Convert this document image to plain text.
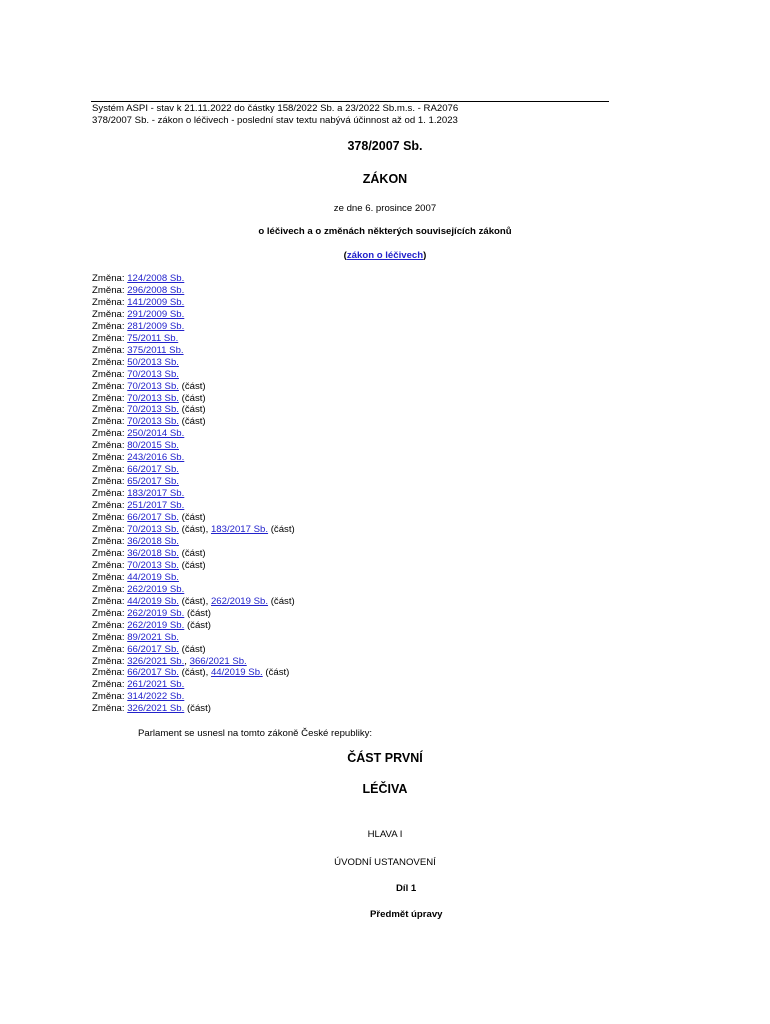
Systém ASPI - stav k 21.11.2022 do částky 158/2022 Sb. a 23/2022 Sb.m.s. - RA2076
378/2007 Sb. - zákon o léčivech - poslední stav textu nabývá účinnost až od 1. 1.2023
378/2007 Sb.
ZÁKON
ze dne 6. prosince 2007
o léčivech a o změnách některých souvisejících zákonů
(zákon o léčivech)
Změna: 124/2008 Sb.
Změna: 296/2008 Sb.
Změna: 141/2009 Sb.
Změna: 291/2009 Sb.
Změna: 281/2009 Sb.
Změna: 75/2011 Sb.
Změna: 375/2011 Sb.
Změna: 50/2013 Sb.
Změna: 70/2013 Sb.
Změna: 70/2013 Sb. (část)
Změna: 70/2013 Sb. (část)
Změna: 70/2013 Sb. (část)
Změna: 70/2013 Sb. (část)
Změna: 250/2014 Sb.
Změna: 80/2015 Sb.
Změna: 243/2016 Sb.
Změna: 66/2017 Sb.
Změna: 65/2017 Sb.
Změna: 183/2017 Sb.
Změna: 251/2017 Sb.
Změna: 66/2017 Sb. (část)
Změna: 70/2013 Sb. (část), 183/2017 Sb. (část)
Změna: 36/2018 Sb.
Změna: 36/2018 Sb. (část)
Změna: 70/2013 Sb. (část)
Změna: 44/2019 Sb.
Změna: 262/2019 Sb.
Změna: 44/2019 Sb. (část), 262/2019 Sb. (část)
Změna: 262/2019 Sb. (část)
Změna: 262/2019 Sb. (část)
Změna: 89/2021 Sb.
Změna: 66/2017 Sb. (část)
Změna: 326/2021 Sb., 366/2021 Sb.
Změna: 66/2017 Sb. (část), 44/2019 Sb. (část)
Změna: 261/2021 Sb.
Změna: 314/2022 Sb.
Změna: 326/2021 Sb. (část)
Parlament se usnesl na tomto zákoně České republiky:
ČÁST PRVNÍ
LÉČIVA
HLAVA I
ÚVODNÍ USTANOVENÍ
Díl 1
Předmět úpravy
